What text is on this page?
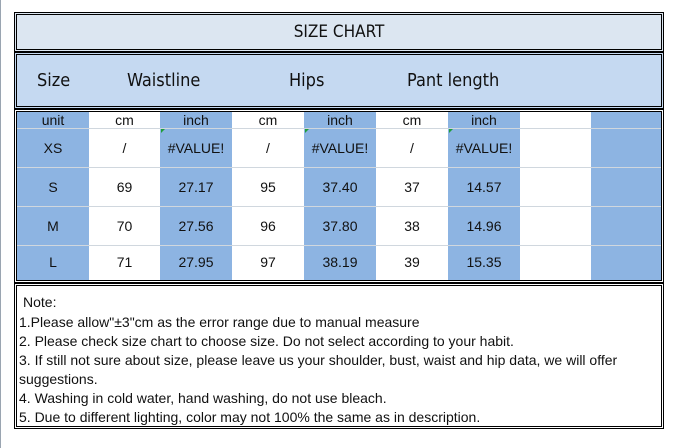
SIZE CHART
Size	Waistline	Hips	Pant length
unit	cm	inch	cm	inch	cm	inch
XS	/	#VALUE!	/	#VALUE!	/	#VALUE!
S	69	27.17	95	37.40	37	14.57
M	70	27.56	96	37.80	38	14.96
L	71	27.95	97	38.19	39	15.35
Note:
1.Please allow"±3"cm as the error range due to manual measure
2. Please check size chart to choose size. Do not select according to your habit.
3. If still not sure about size, please leave us your shoulder, bust, waist and hip data, we will offer
suggestions.
4. Washing in cold water, hand washing, do not use bleach.
5. Due to different lighting, color may not 100% the same as in description.
